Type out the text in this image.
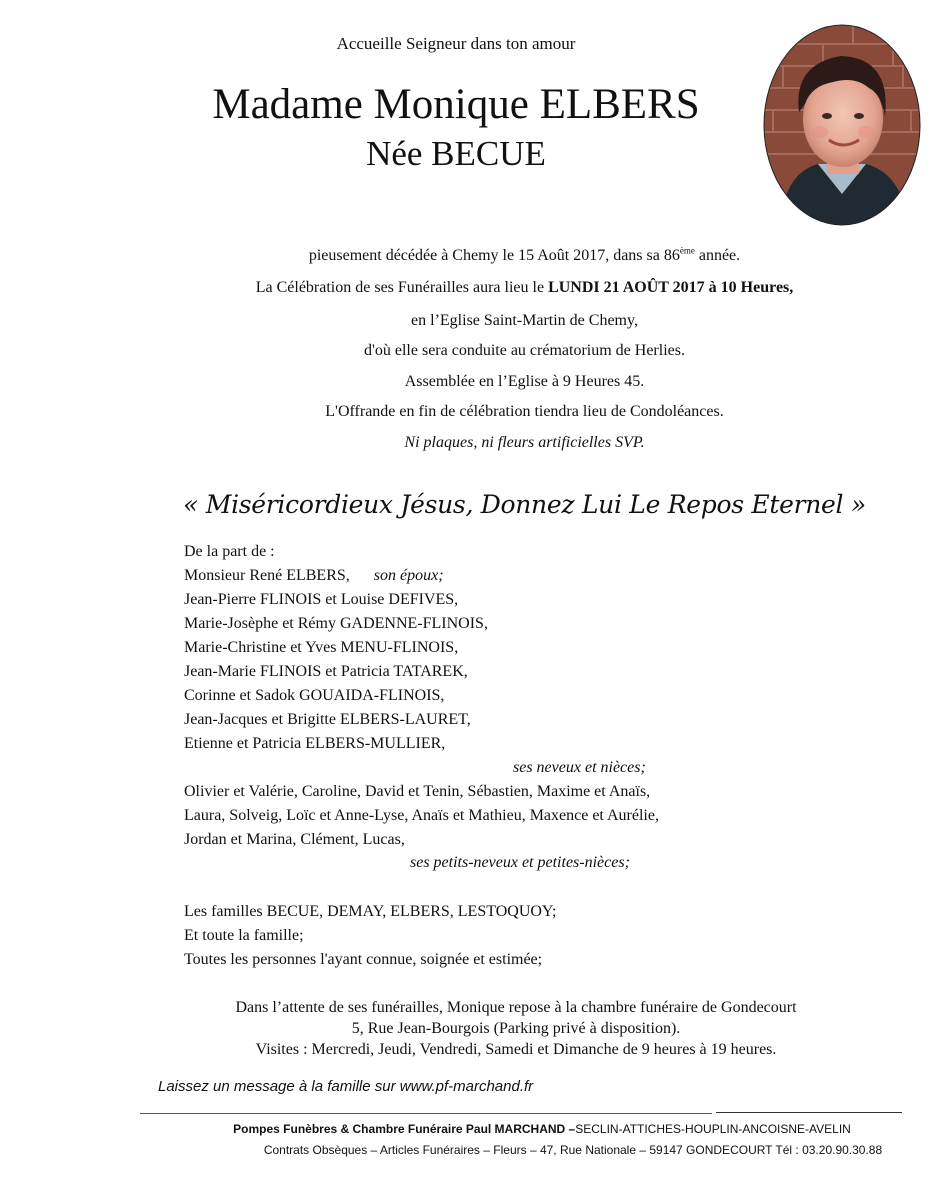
Accueille Seigneur dans ton amour
Madame Monique ELBERS
Née BECUE
pieusement décédée à Chemy le 15 Août 2017, dans sa 86ème année.
La Célébration de ses Funérailles aura lieu le LUNDI 21 AOÛT 2017 à 10 Heures,
en l’Eglise Saint-Martin de Chemy,
d'où elle sera conduite au crématorium de Herlies.
Assemblée en l’Eglise à 9 Heures 45.
L'Offrande en fin de célébration tiendra lieu de Condoléances.
Ni plaques, ni fleurs artificielles SVP.
« Miséricordieux Jésus, Donnez Lui Le Repos Eternel »
De la part de :
Monsieur René ELBERS, son époux;
Jean-Pierre FLINOIS et Louise DEFIVES,
Marie-Josèphe et Rémy GADENNE-FLINOIS,
Marie-Christine et Yves MENU-FLINOIS,
Jean-Marie FLINOIS et Patricia TATAREK,
Corinne et Sadok GOUAIDA-FLINOIS,
Jean-Jacques et Brigitte ELBERS-LAURET,
Etienne et Patricia ELBERS-MULLIER,
ses neveux et nièces;
Olivier et Valérie, Caroline, David et Tenin, Sébastien, Maxime et Anaïs,
Laura, Solveig, Loïc et Anne-Lyse, Anaïs et Mathieu, Maxence et Aurélie,
Jordan et Marina, Clément, Lucas,
ses petits-neveux et petites-nièces;
Les familles BECUE, DEMAY, ELBERS, LESTOQUOY;
Et toute la famille;
Toutes les personnes l'ayant connue, soignée et estimée;
Dans l’attente de ses funérailles, Monique repose à la chambre funéraire de Gondecourt
5, Rue Jean-Bourgois (Parking privé à disposition).
Visites : Mercredi, Jeudi, Vendredi, Samedi et Dimanche de 9 heures à 19 heures.
Laissez un message à la famille sur www.pf-marchand.fr
Pompes Funèbres & Chambre Funéraire Paul MARCHAND –SECLIN-ATTICHES-HOUPLIN-ANCOISNE-AVELIN
Contrats Obsèques – Articles Funéraires – Fleurs – 47, Rue Nationale – 59147 GONDECOURT Tél : 03.20.90.30.88
